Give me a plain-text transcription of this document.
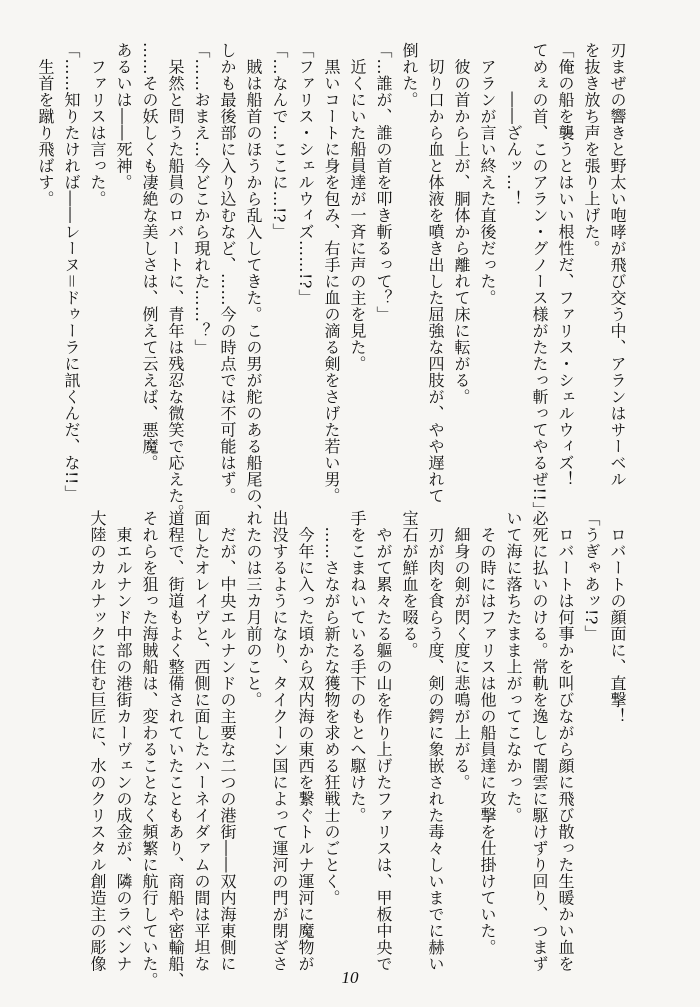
刃まぜの響きと野太い咆哮が飛び交う中、アランはサーベル
を抜き放ち声を張り上げた。
「俺の船を襲うとはいい根性だ、ファリス・シェルウィズ！
てめぇの首、このアラン・グノース様がたたっ斬ってやるぜ!!」
　　　――ざんッ…！
　アランが言い終えた直後だった。
　彼の首から上が、胴体から離れて床に転がる。
　切り口から血と体液を噴き出した屈強な四肢が、やや遅れて
倒れた。
「…誰が、誰の首を叩き斬るって？」
　近くにいた船員達が一斉に声の主を見た。
　黒いコートに身を包み、右手に血の滴る剣をさげた若い男。
「ファリス・シェルウィズ……!?」
「…なんで…ここに…!?」
　賊は船首のほうから乱入してきた。この男が舵のある船尾の、
しかも最後部に入り込むなど、……今の時点では不可能はず。
「……おまえ…今どこから現れた……？」
　呆然と問うた船員のロバートに、青年は残忍な微笑で応えた。
……その妖しくも凄絶な美しさは、例えて云えば、悪魔。
あるいは――死神。
　ファリスは言った。
「……知りたければ――レーヌ＝ドゥーラに訊くんだ、な!!」
　生首を蹴り飛ばす。
　ロバートの顔面に、直撃！
「うぎゃあッ!?」
　ロバートは何事かを叫びながら顔に飛び散った生暖かい血を
必死に払いのける。常軌を逸して闇雲に駆けずり回り、つまず
いて海に落ちたまま上がってこなかった。
　その時にはファリスは他の船員達に攻撃を仕掛けていた。
　細身の剣が閃く度に悲鳴が上がる。
　刃が肉を食らう度、剣の鍔に象嵌された毒々しいまでに赫い
宝石が鮮血を啜る。
　やがて累々たる軀の山を作り上げたファリスは、甲板中央で
手をこまねいている手下のもとへ駆けた。
　……さながら新たな獲物を求める狂戦士のごとく。
　今年に入った頃から双内海の東西を繋ぐトルナ運河に魔物が
出没するようになり、タイクーン国によって運河の門が閉ざさ
れたのは三カ月前のこと。
　だが、中央エルナンドの主要な二つの港街――双内海東側に
面したオレイヴと、西側に面したハーネイダァムの間は平坦な
道程で、街道もよく整備されていたこともあり、商船や密輸船、
それらを狙った海賊船は、変わることなく頻繁に航行していた。
　東エルナンド中部の港街カーヴェンの成金が、隣のラベンナ
大陸のカルナックに住む巨匠に、水のクリスタル創造主の彫像
10
